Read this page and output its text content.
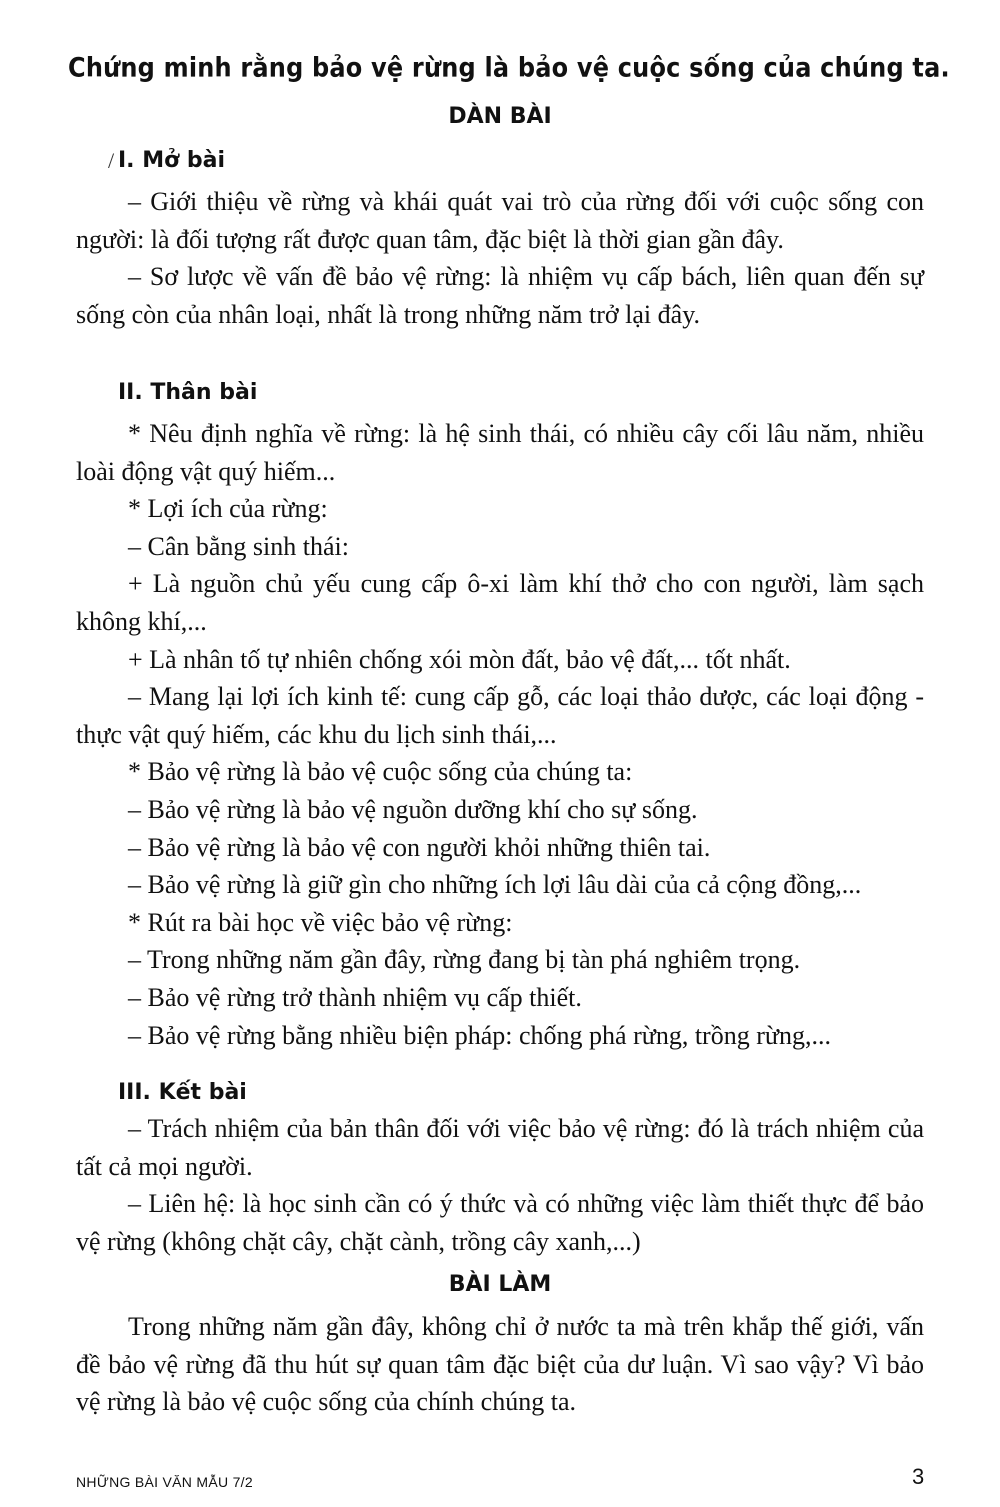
Chứng minh rằng bảo vệ rừng là bảo vệ cuộc sống của chúng ta.
DÀN BÀI
/ I. Mở bài

– Giới thiệu về rừng và khái quát vai trò của rừng đối với cuộc sống con người: là đối tượng rất được quan tâm, đặc biệt là thời gian gần đây.

– Sơ lược về vấn đề bảo vệ rừng: là nhiệm vụ cấp bách, liên quan đến sự sống còn của nhân loại, nhất là trong những năm trở lại đây.

II. Thân bài

* Nêu định nghĩa về rừng: là hệ sinh thái, có nhiều cây cối lâu năm, nhiều loài động vật quý hiếm...

* Lợi ích của rừng:

– Cân bằng sinh thái:

+ Là nguồn chủ yếu cung cấp ô-xi làm khí thở cho con người, làm sạch không khí,...

+ Là nhân tố tự nhiên chống xói mòn đất, bảo vệ đất,... tốt nhất.

– Mang lại lợi ích kinh tế: cung cấp gỗ, các loại thảo dược, các loại động - thực vật quý hiếm, các khu du lịch sinh thái,...

* Bảo vệ rừng là bảo vệ cuộc sống của chúng ta:

– Bảo vệ rừng là bảo vệ nguồn dưỡng khí cho sự sống.

– Bảo vệ rừng là bảo vệ con người khỏi những thiên tai.

– Bảo vệ rừng là giữ gìn cho những ích lợi lâu dài của cả cộng đồng,...

* Rút ra bài học về việc bảo vệ rừng:

– Trong những năm gần đây, rừng đang bị tàn phá nghiêm trọng.

– Bảo vệ rừng trở thành nhiệm vụ cấp thiết.

– Bảo vệ rừng bằng nhiều biện pháp: chống phá rừng, trồng rừng,...

III. Kết bài

– Trách nhiệm của bản thân đối với việc bảo vệ rừng: đó là trách nhiệm của tất cả mọi người.

– Liên hệ: là học sinh cần có ý thức và có những việc làm thiết thực để bảo vệ rừng (không chặt cây, chặt cành, trồng cây xanh,...)

BÀI LÀM

Trong những năm gần đây, không chỉ ở nước ta mà trên khắp thế giới, vấn đề bảo vệ rừng đã thu hút sự quan tâm đặc biệt của dư luận. Vì sao vậy? Vì bảo vệ rừng là bảo vệ cuộc sống của chính chúng ta.

NHỮNG BÀI VĂN MẪU 7/2	3
